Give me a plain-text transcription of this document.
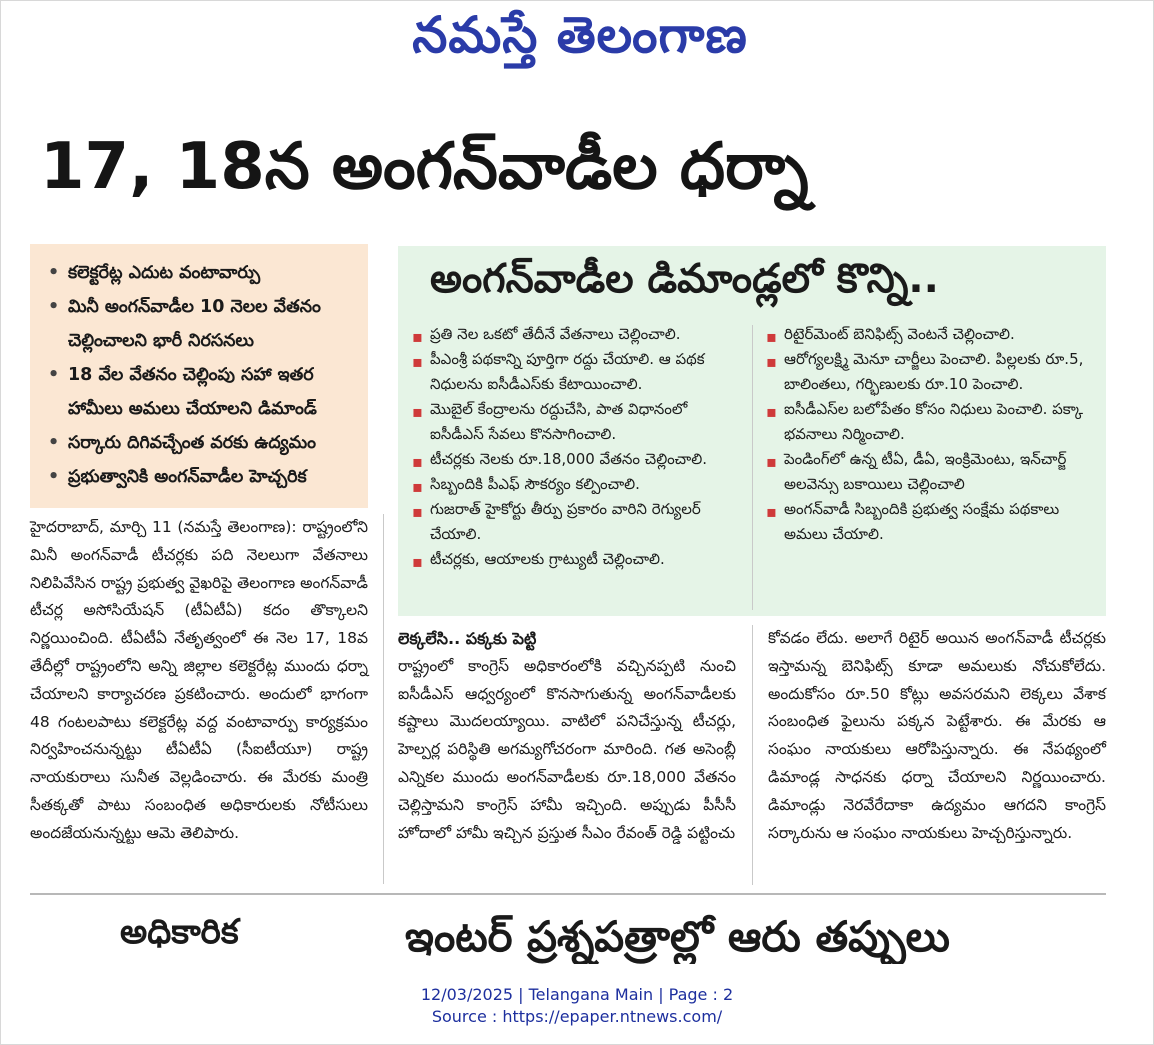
నమస్తే తెలంగాణ
17, 18న అంగన్‌వాడీల ధర్నా
• కలెక్టరేట్ల ఎదుట వంటావార్పు
• మినీ అంగన్‌వాడీల 10 నెలల వేతనం చెల్లించాలని భారీ నిరసనలు
• 18 వేల వేతనం చెల్లింపు సహా ఇతర హామీలు అమలు చేయాలని డిమాండ్
• సర్కారు దిగివచ్చేంత వరకు ఉద్యమం
• ప్రభుత్వానికి అంగన్‌వాడీల హెచ్చరిక
అంగన్‌వాడీల డిమాండ్లలో కొన్ని..
▪ ప్రతి నెల ఒకటో తేదీనే వేతనాలు చెల్లించాలి.
▪ పీఎంశ్రీ పథకాన్ని పూర్తిగా రద్దు చేయాలి. ఆ పథక నిధులను ఐసీడీఎస్‌కు కేటాయించాలి.
▪ మొబైల్ కేంద్రాలను రద్దుచేసి, పాత విధానంలో ఐసీడీఎస్ సేవలు కొనసాగించాలి.
▪ టీచర్లకు నెలకు రూ.18,000 వేతనం చెల్లించాలి.
▪ సిబ్బందికి పీఎఫ్ సౌకర్యం కల్పించాలి.
▪ గుజరాత్ హైకోర్టు తీర్పు ప్రకారం వారిని రెగ్యులర్ చేయాలి.
▪ టీచర్లకు, ఆయాలకు గ్రాట్యుటీ చెల్లించాలి.
▪ రిటైర్‌మెంట్ బెనిఫిట్స్ వెంటనే చెల్లించాలి.
▪ ఆరోగ్యలక్ష్మి మెనూ చార్జీలు పెంచాలి. పిల్లలకు రూ.5, బాలింతలు, గర్భిణులకు రూ.10 పెంచాలి.
▪ ఐసీడీఎస్‌ల బలోపేతం కోసం నిధులు పెంచాలి. పక్కా భవనాలు నిర్మించాలి.
▪ పెండింగ్‌లో ఉన్న టీఏ, డీఏ, ఇంక్రిమెంటు, ఇన్‌చార్జ్ అలవెన్సు బకాయిలు చెల్లించాలి
▪ అంగన్‌వాడీ సిబ్బందికి ప్రభుత్వ సంక్షేమ పథకాలు అమలు చేయాలి.
హైదరాబాద్, మార్చి 11 (నమస్తే తెలంగాణ): రాష్ట్రంలోని మినీ అంగన్‌వాడీ టీచర్లకు పది నెలలుగా వేతనాలు నిలిపివేసిన రాష్ట్ర ప్రభుత్వ వైఖరిపై తెలంగాణ అంగన్‌వాడీ టీచర్ల అసోసియేషన్ (టీఏటీఏ) కదం తొక్కాలని నిర్ణయించింది. టీఏటీఏ నేతృత్వంలో ఈ నెల 17, 18వ తేదీల్లో రాష్ట్రంలోని అన్ని జిల్లాల కలెక్టరేట్ల ముందు ధర్నా చేయాలని కార్యాచరణ ప్రకటించారు. అందులో భాగంగా 48 గంటలపాటు కలెక్టరేట్ల వద్ద వంటావార్పు కార్యక్రమం నిర్వహించనున్నట్టు టీఏటీఏ (సీఐటీయూ) రాష్ట్ర నాయకురాలు సునీత వెల్లడించారు. ఈ మేరకు మంత్రి సీతక్కతో పాటు సంబంధిత అధికారులకు నోటీసులు అందజేయనున్నట్టు ఆమె తెలిపారు.
లెక్కలేసి.. పక్కకు పెట్టి
రాష్ట్రంలో కాంగ్రెస్ అధికారంలోకి వచ్చినప్పటి నుంచి ఐసీడీఎస్ ఆధ్వర్యంలో కొనసాగుతున్న అంగన్‌వాడీలకు కష్టాలు మొదలయ్యాయి. వాటిలో పనిచేస్తున్న టీచర్లు, హెల్పర్ల పరిస్థితి అగమ్యగోచరంగా మారింది. గత అసెంబ్లీ ఎన్నికల ముందు అంగన్‌వాడీలకు రూ.18,000 వేతనం చెల్లిస్తామని కాంగ్రెస్ హామీ ఇచ్చింది. అప్పుడు పీసీసీ హోదాలో హామీ ఇచ్చిన ప్రస్తుత సీఎం రేవంత్ రెడ్డి పట్టించు
కోవడం లేదు. అలాగే రిటైర్ అయిన అంగన్‌వాడీ టీచర్లకు ఇస్తామన్న బెనిఫిట్స్ కూడా అమలుకు నోచుకోలేదు. అందుకోసం రూ.50 కోట్లు అవసరమని లెక్కలు వేశాక సంబంధిత ఫైలును పక్కన పెట్టేశారు. ఈ మేరకు ఆ సంఘం నాయకులు ఆరోపిస్తున్నారు. ఈ నేపథ్యంలో డిమాండ్ల సాధనకు ధర్నా చేయాలని నిర్ణయించారు. డిమాండ్లు నెరవేరేదాకా ఉద్యమం ఆగదని కాంగ్రెస్ సర్కారును ఆ సంఘం నాయకులు హెచ్చరిస్తున్నారు.
అధికారిక	ఇంటర్ ప్రశ్నపత్రాల్లో ఆరు తప్పులు
12/03/2025 | Telangana Main | Page : 2
Source : https://epaper.ntnews.com/
